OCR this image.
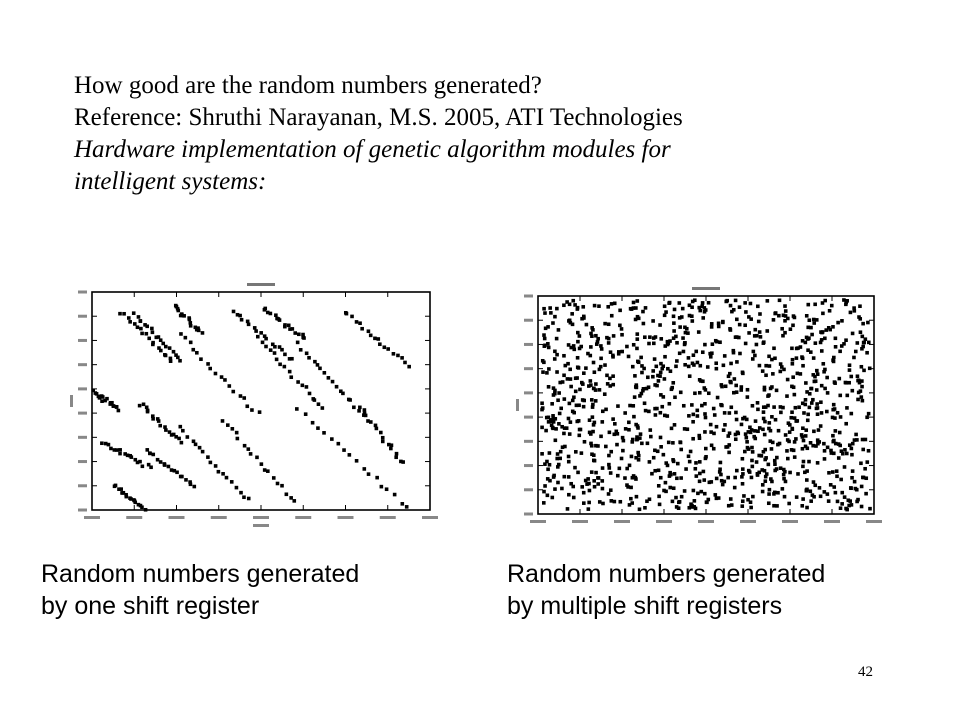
How good are the random numbers generated?
Reference: Shruthi Narayanan, M.S. 2005, ATI Technologies
Hardware implementation of genetic algorithm modules for
intelligent systems:
Random numbers generated
by one shift register
Random numbers generated
by multiple shift registers
42
